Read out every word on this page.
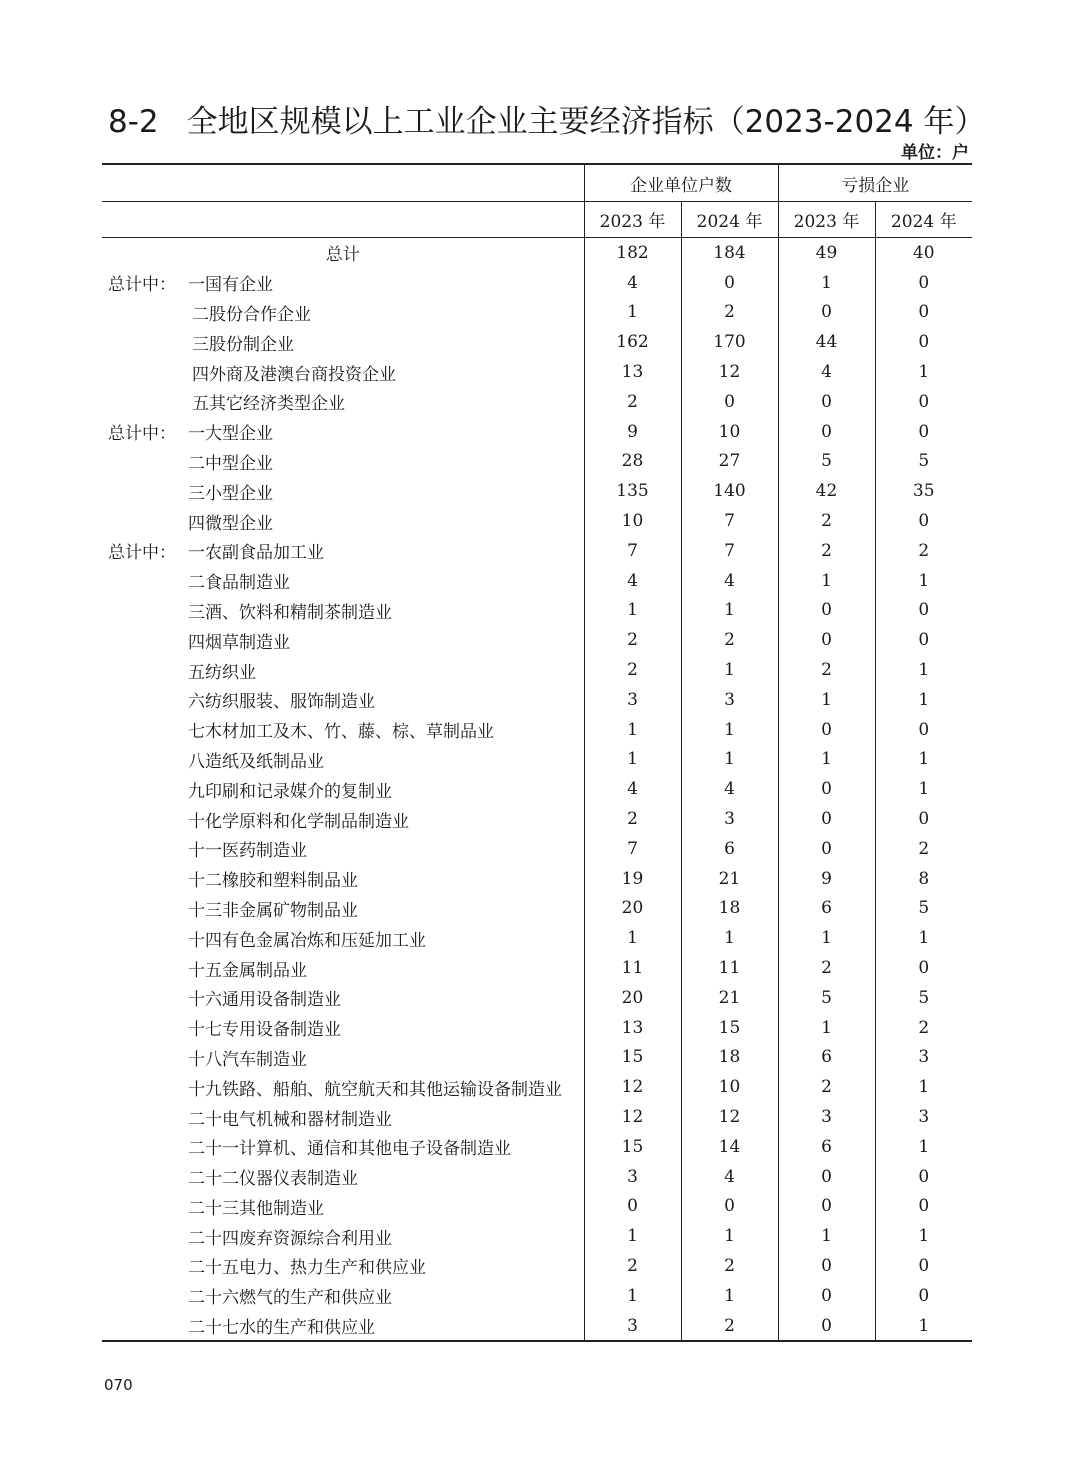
8-2 全地区规模以上工业企业主要经济指标（2023-2024 年）
单位：户
	企业单位户数		亏损企业	
	2023 年	2024 年	2023 年	2024 年
总计	182	184	49	40
总计中： 一国有企业	4	0	1	0
二股份合作企业	1	2	0	0
三股份制企业	162	170	44	0
四外商及港澳台商投资企业	13	12	4	1
五其它经济类型企业	2	0	0	0
总计中： 一大型企业	9	10	0	0
二中型企业	28	27	5	5
三小型企业	135	140	42	35
四微型企业	10	7	2	0
总计中： 一农副食品加工业	7	7	2	2
二食品制造业	4	4	1	1
三酒、饮料和精制茶制造业	1	1	0	0
四烟草制造业	2	2	0	0
五纺织业	2	1	2	1
六纺织服装、服饰制造业	3	3	1	1
七木材加工及木、竹、藤、棕、草制品业	1	1	0	0
八造纸及纸制品业	1	1	1	1
九印刷和记录媒介的复制业	4	4	0	1
十化学原料和化学制品制造业	2	3	0	0
十一医药制造业	7	6	0	2
十二橡胶和塑料制品业	19	21	9	8
十三非金属矿物制品业	20	18	6	5
十四有色金属冶炼和压延加工业	1	1	1	1
十五金属制品业	11	11	2	0
十六通用设备制造业	20	21	5	5
十七专用设备制造业	13	15	1	2
十八汽车制造业	15	18	6	3
十九铁路、船舶、航空航天和其他运输设备制造业	12	10	2	1
二十电气机械和器材制造业	12	12	3	3
二十一计算机、通信和其他电子设备制造业	15	14	6	1
二十二仪器仪表制造业	3	4	0	0
二十三其他制造业	0	0	0	0
二十四废弃资源综合利用业	1	1	1	1
二十五电力、热力生产和供应业	2	2	0	0
二十六燃气的生产和供应业	1	1	0	0
二十七水的生产和供应业	3	2	0	1
070
